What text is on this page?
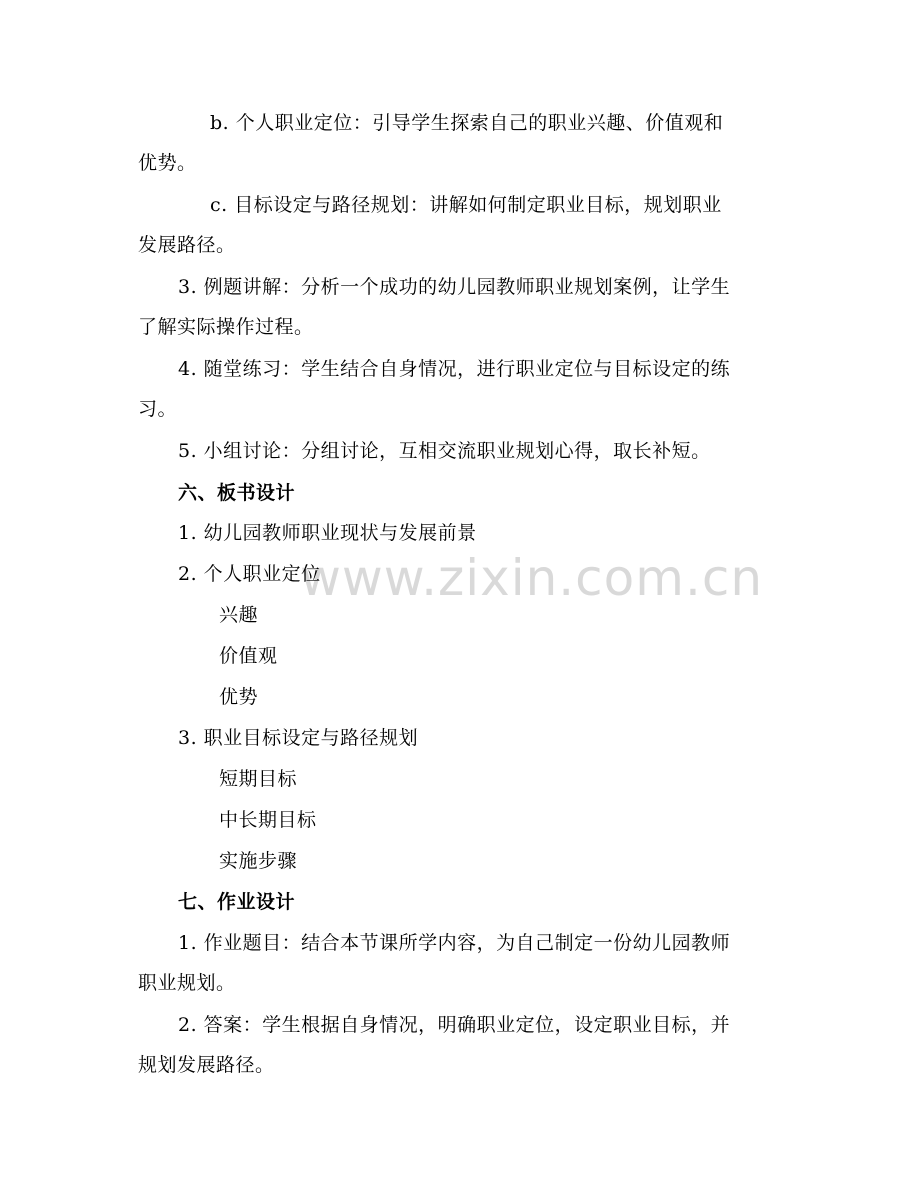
www.zixin.com.cn
b. 个人职业定位：引导学生探索自己的职业兴趣、价值观和
优势。
c. 目标设定与路径规划：讲解如何制定职业目标，规划职业
发展路径。
3. 例题讲解：分析一个成功的幼儿园教师职业规划案例，让学生
了解实际操作过程。
4. 随堂练习：学生结合自身情况，进行职业定位与目标设定的练
习。
5. 小组讨论：分组讨论，互相交流职业规划心得，取长补短。
六、板书设计
1. 幼儿园教师职业现状与发展前景
2. 个人职业定位
兴趣
价值观
优势
3. 职业目标设定与路径规划
短期目标
中长期目标
实施步骤
七、作业设计
1. 作业题目：结合本节课所学内容，为自己制定一份幼儿园教师
职业规划。
2. 答案：学生根据自身情况，明确职业定位，设定职业目标，并
规划发展路径。
